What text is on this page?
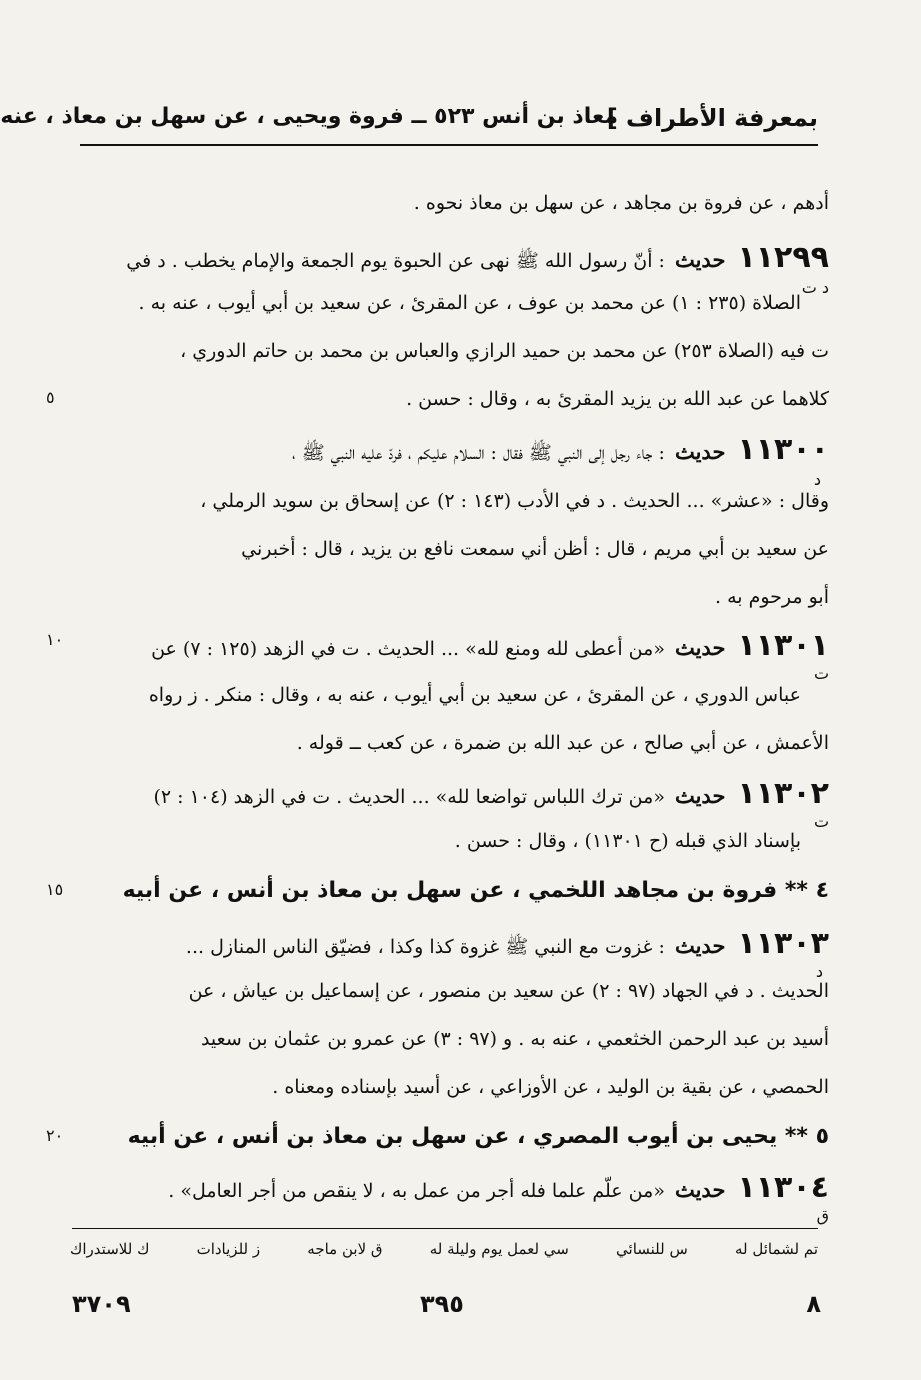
بمعرفة الأطراف ]
معاذ بن أنس ٥٢٣ ــ فروة ويحيى ، عن سهل بن معاذ ، عنه
أدهم ، عن فروة بن مجاهد ، عن سهل بن معاذ نحوه .
١١٢٩٩حديث: أنّ رسول الله ﷺ نهى عن الحبوة يوم الجمعة والإمام يخطب . د في
د ت
الصلاة (٢٣٥ : ١) عن محمد بن عوف ، عن المقرئ ، عن سعيد بن أبي أيوب ، عنه به .
ت فيه (الصلاة ٢٥٣) عن محمد بن حميد الرازي والعباس بن محمد بن حاتم الدوري ،
كلاهما عن عبد الله بن يزيد المقرئ به ، وقال : حسن .
٥
١١٣٠٠حديث: جاء رجل إلى النبي ﷺ فقال : السلام عليكم ، فردّ عليه النبي ﷺ ،
د
وقال : «عشر» ... الحديث . د في الأدب (١٤٣ : ٢) عن إسحاق بن سويد الرملي ،
عن سعيد بن أبي مريم ، قال : أظن أني سمعت نافع بن يزيد ، قال : أخبرني
أبو مرحوم به .
١١٣٠١حديث«من أعطى لله ومنع لله» ... الحديث . ت في الزهد (١٢٥ : ٧) عن
١٠
ت
عباس الدوري ، عن المقرئ ، عن سعيد بن أبي أيوب ، عنه به ، وقال : منكر . ز رواه
الأعمش ، عن أبي صالح ، عن عبد الله بن ضمرة ، عن كعب ــ قوله .
١١٣٠٢حديث«من ترك اللباس تواضعا لله» ... الحديث . ت في الزهد (١٠٤ : ٢)
ت
بإسناد الذي قبله (ح ١١٣٠١) ، وقال : حسن .
٤ ** فروة بن مجاهد اللخمي ، عن سهل بن معاذ بن أنس ، عن أبيه
١٥
١١٣٠٣حديث: غزوت مع النبي ﷺ غزوة كذا وكذا ، فضيّق الناس المنازل ...
د
الحديث . د في الجهاد (٩٧ : ٢) عن سعيد بن منصور ، عن إسماعيل بن عياش ، عن
أسيد بن عبد الرحمن الخثعمي ، عنه به . و (٩٧ : ٣) عن عمرو بن عثمان بن سعيد
الحمصي ، عن بقية بن الوليد ، عن الأوزاعي ، عن أسيد بإسناده ومعناه .
٥ ** يحيى بن أيوب المصري ، عن سهل بن معاذ بن أنس ، عن أبيه
٢٠
١١٣٠٤حديث«من علّم علما فله أجر من عمل به ، لا ينقص من أجر العامل» .
ق
تم لشمائل له
س للنسائي
سي لعمل يوم وليلة له
ق لابن ماجه
ز للزيادات
ك للاستدراك
٣٧٠٩	٣٩٥	٨
